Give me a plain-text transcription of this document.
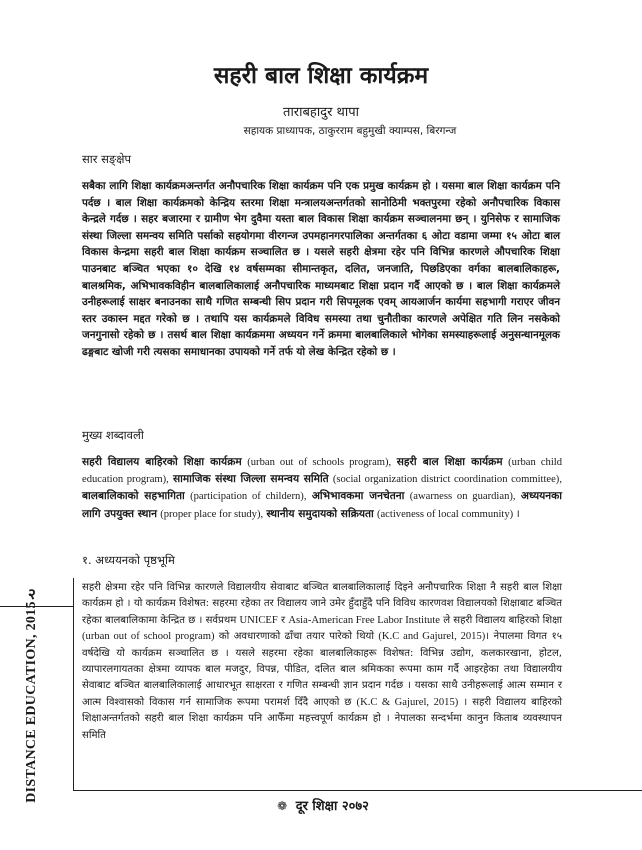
सहरी बाल शिक्षा कार्यक्रम
ताराबहादुर थापा
सहायक प्राध्यापक, ठाकुरराम बहुमुखी क्याम्पस, बिरगन्ज
सार सङ्क्षेप

सबैका लागि शिक्षा कार्यक्रमअन्तर्गत अनौपचारिक शिक्षा कार्यक्रम पनि एक प्रमुख कार्यक्रम हो । यसमा बाल शिक्षा कार्यक्रम पनि पर्दछ । बाल शिक्षा कार्यक्रमको केन्द्रिय स्तरमा शिक्षा मन्त्रालयअन्तर्गतको सानोठिमी भक्तपुरमा रहेको अनौपचारिक विकास केन्द्रले गर्दछ । सहर बजारमा र ग्रामीण भेग दुवैमा यस्ता बाल विकास शिक्षा कार्यक्रम सञ्चालनमा छन् । युनिसेफ र सामाजिक संस्था जिल्ला समन्वय समिति पर्साको सहयोगमा वीरगन्ज उपमहानगरपालिका अन्तर्गतका ६ ओटा वडामा जम्मा १५ ओटा बाल विकास केन्द्रमा सहरी बाल शिक्षा कार्यक्रम सञ्चालित छ । यसले सहरी क्षेत्रमा रहेर पनि विभिन्न कारणले औपचारिक शिक्षा पाउनबाट बञ्चित भएका १० देखि १४ वर्षसम्मका सीमान्तकृत, दलित, जनजाति, पिछडिएका वर्गका बालबालिकाहरू, बालश्रमिक, अभिभावकविहीन बालबालिकालाई अनौपचारिक माध्यमबाट शिक्षा प्रदान गर्दै आएको छ । बाल शिक्षा कार्यक्रमले उनीहरूलाई साक्षर बनाउनका साथै गणित सम्बन्धी सिप प्रदान गरी सिपमूलक एवम् आयआर्जन कार्यमा सहभागी गराएर जीवन स्तर उकास्न मद्दत गरेको छ । तथापि यस कार्यक्रमले विविध समस्या तथा चुनौतीका कारणले अपेक्षित गति लिन नसकेको जनगुनासो रहेको छ । तसर्थ बाल शिक्षा कार्यक्रममा अध्ययन गर्ने क्रममा बालबालिकाले भोगेका समस्याहरूलाई अनुसन्धानमूलक ढङ्गबाट खोजी गरी त्यसका समाधानका उपायको गर्ने तर्फ यो लेख केन्द्रित रहेको छ ।

मुख्य शब्दावली

सहरी विद्यालय बाहिरको शिक्षा कार्यक्रम (urban out of schools program), सहरी बाल शिक्षा कार्यक्रम (urban child education program), सामाजिक संस्था जिल्ला समन्वय समिति (social organization district coordination committee), बालबालिकाको सहभागिता (participation of childern), अभिभावकमा जनचेतना (awarness on guardian), अध्ययनका लागि उपयुक्त स्थान (proper place for study), स्थानीय समुदायको सक्रियता (activeness of local community) ।

१. अध्ययनको पृष्ठभूमि

सहरी क्षेत्रमा रहेर पनि विभिन्न कारणले विद्यालयीय सेवाबाट बञ्चित बालबालिकालाई दिइने अनौपचारिक शिक्षा नै सहरी बाल शिक्षा कार्यक्रम हो । यो कार्यक्रम विशेषत: सहरमा रहेका तर विद्यालय जाने उमेर हुँदाहुँदै पनि विविध कारणवश विद्यालयको शिक्षाबाट बञ्चित रहेका बालबालिकामा केन्द्रित छ । सर्वप्रथम UNICEF र Asia-American Free Labor Institute ले सहरी विद्यालय बाहिरको शिक्षा (urban out of school program) को अवधारणाको ढाँचा तयार पारेको थियो (K.C and Gajurel, 2015)। नेपालमा विगत १५ वर्षदेखि यो कार्यक्रम सञ्चालित छ । यसले सहरमा रहेका बालबालिकाहरू विशेषत: विभिन्न उद्योग, कलकारखाना, होटल, व्यापारलगायतका क्षेत्रमा व्यापक बाल मजदुर, विपन्न, पीडित, दलित बाल श्रमिकका रूपमा काम गर्दै आइरहेका तथा विद्यालयीय सेवाबाट बञ्चित बालबालिकालाई आधारभूत साक्षरता र गणित सम्बन्धी ज्ञान प्रदान गर्दछ । यसका साथै उनीहरूलाई आत्म सम्मान र आत्म विश्वासको विकास गर्न सामाजिक रूपमा परामर्श दिँदै आएको छ (K.C & Gajurel, 2015) । सहरी विद्यालय बाहिरको शिक्षाअन्तर्गतको सहरी बाल शिक्षा कार्यक्रम पनि आफैँमा महत्त्वपूर्ण कार्यक्रम हो । नेपालका सन्दर्भमा कानुन किताब व्यवस्थापन समिति

२
DISTANCE EDUCATION, 2015
❁ दूर शिक्षा २०७२
